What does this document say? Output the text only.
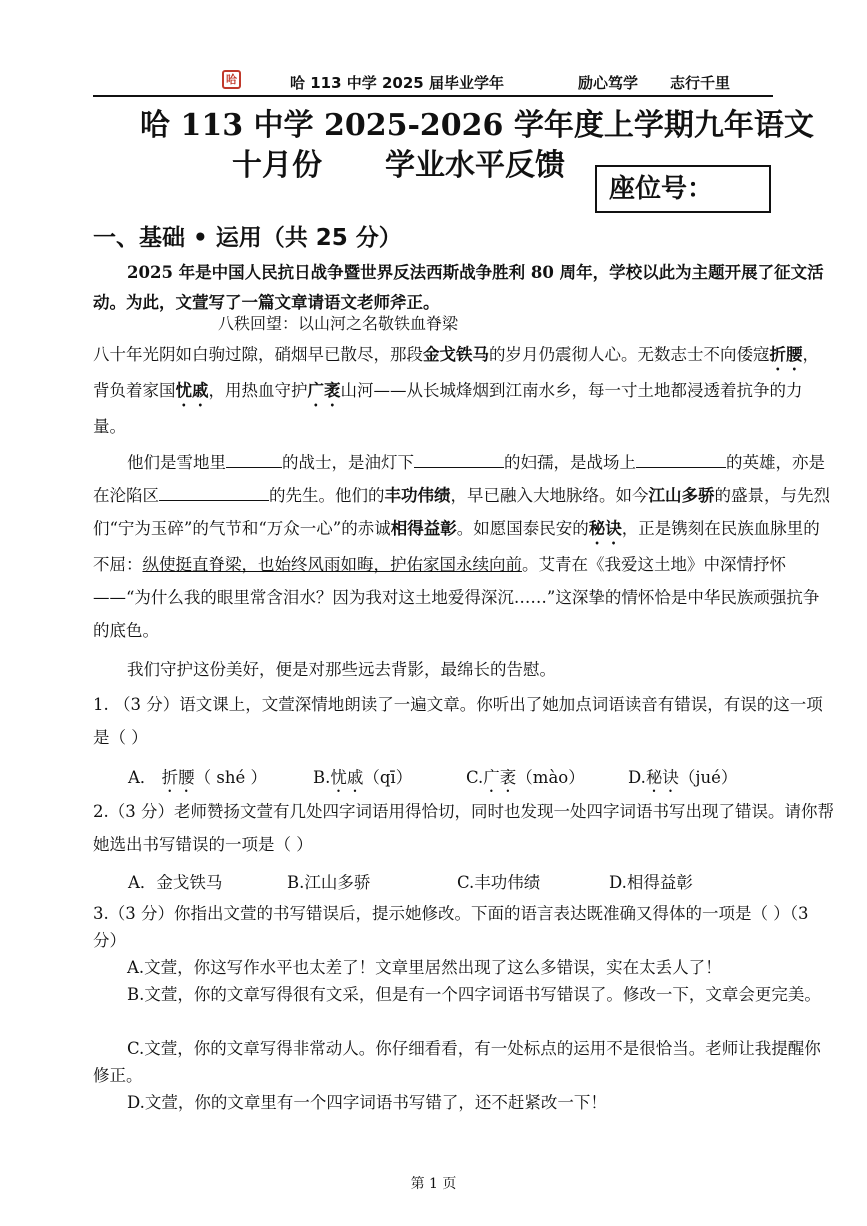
哈	哈 113 中学 2025 届毕业学年	励心笃学 志行千里
哈 113 中学 2025-2026 学年度上学期九年语文
十月份 学业水平反馈
座位号：
一、基础 • 运用（共 25 分）
2025 年是中国人民抗日战争暨世界反法西斯战争胜利 80 周年，学校以此为主题开展了征文活动。为此，文萱写了一篇文章请语文老师斧正。
八秩回望：以山河之名敬铁血脊梁
八十年光阴如白驹过隙，硝烟早已散尽，那段金戈铁马的岁月仍震彻人心。无数志士不向倭寇折腰，背负着家国忧戚，用热血守护广袤山河——从长城烽烟到江南水乡，每一寸土地都浸透着抗争的力量。
他们是雪地里	的战士，是油灯下	的妇孺，是战场上	的英雄，亦是在沦陷区	的先生。他们的丰功伟绩，早已融入大地脉络。如今江山多骄的盛景，与先烈们“宁为玉碎”的气节和“万众一心”的赤诚相得益彰。如愿国泰民安的秘诀，正是镌刻在民族血脉里的不屈：纵使挺直脊梁，也始终风雨如晦，护佑家国永续向前。艾青在《我爱这土地》中深情抒怀——“为什么我的眼里常含泪水？因为我对这土地爱得深沉……”这深挚的情怀恰是中华民族顽强抗争的底色。
我们守护这份美好，便是对那些远去背影，最绵长的告慰。
1. （3 分）语文课上，文萱深情地朗读了一遍文章。你听出了她加点词语读音有错误，有误的这一项是（ ）
A． 折腰（ shé ）	B.忧戚（qī）	C.广袤（mào）	D.秘诀（jué）
2.（3 分）老师赞扬文萱有几处四字词语用得恰切，同时也发现一处四字词语书写出现了错误。请你帮她选出书写错误的一项是（ ）
A．金戈铁马	B.江山多骄	C.丰功伟绩	D.相得益彰
3.（3 分）你指出文萱的书写错误后，提示她修改。下面的语言表达既准确又得体的一项是（ ）（3 分）
A.文萱，你这写作水平也太差了！文章里居然出现了这么多错误，实在太丢人了！
B.文萱，你的文章写得很有文采，但是有一个四字词语书写错误了。修改一下，文章会更完美。
C.文萱，你的文章写得非常动人。你仔细看看，有一处标点的运用不是很恰当。老师让我提醒你修正。
D.文萱，你的文章里有一个四字词语书写错了，还不赶紧改一下！
第 1 页
